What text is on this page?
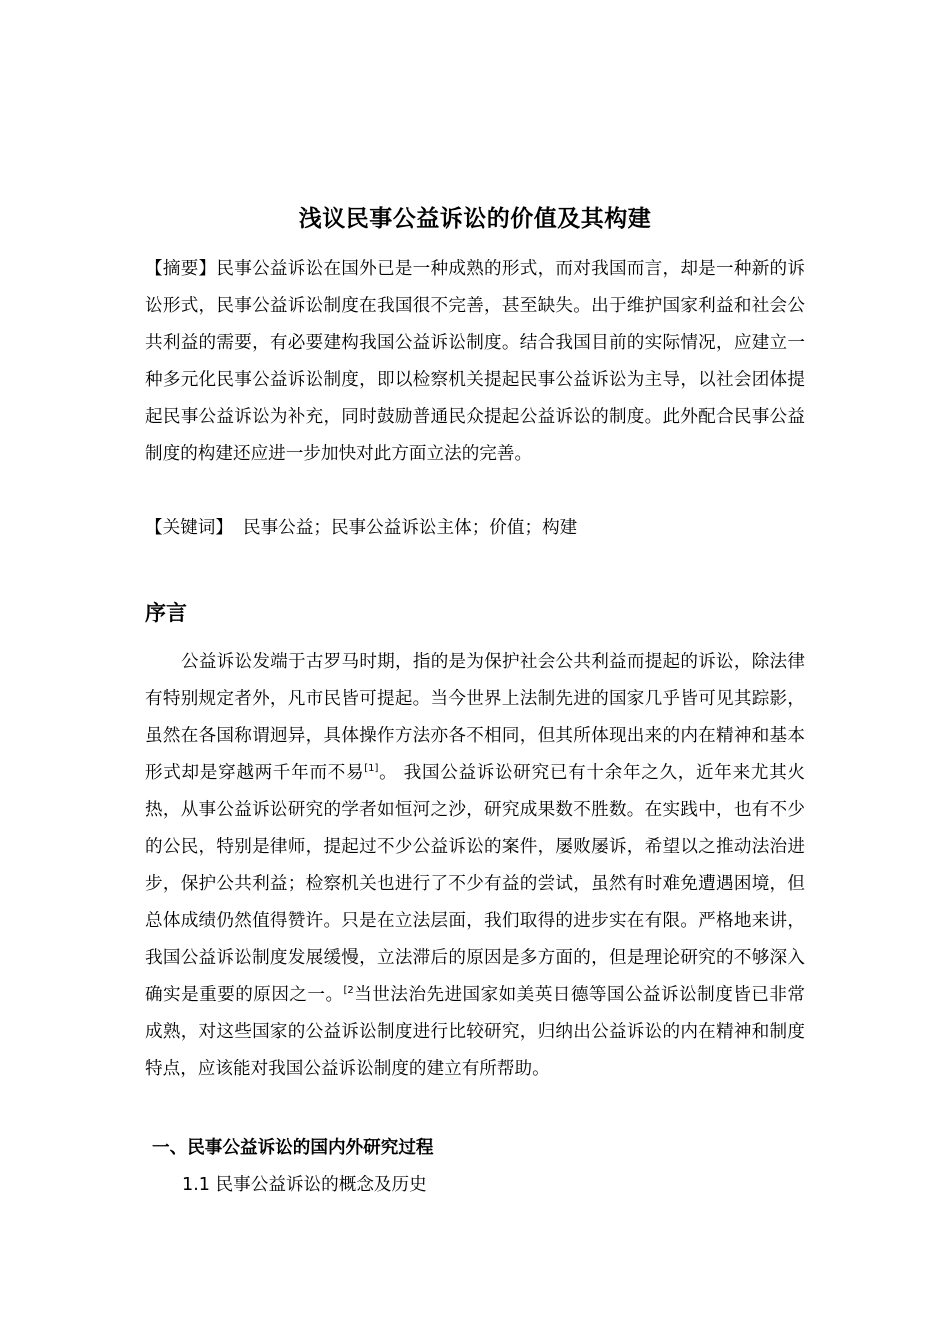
浅议民事公益诉讼的价值及其构建
【摘要】民事公益诉讼在国外已是一种成熟的形式，而对我国而言，却是一种新的诉讼形式，民事公益诉讼制度在我国很不完善，甚至缺失。出于维护国家利益和社会公共利益的需要，有必要建构我国公益诉讼制度。结合我国目前的实际情况，应建立一种多元化民事公益诉讼制度，即以检察机关提起民事公益诉讼为主导，以社会团体提起民事公益诉讼为补充，同时鼓励普通民众提起公益诉讼的制度。此外配合民事公益制度的构建还应进一步加快对此方面立法的完善。
【关键词】 民事公益；民事公益诉讼主体；价值；构建
序言
公益诉讼发端于古罗马时期，指的是为保护社会公共利益而提起的诉讼，除法律有特别规定者外，凡市民皆可提起。当今世界上法制先进的国家几乎皆可见其踪影，虽然在各国称谓迥异，具体操作方法亦各不相同，但其所体现出来的内在精神和基本形式却是穿越两千年而不易[1]。 我国公益诉讼研究已有十余年之久，近年来尤其火热，从事公益诉讼研究的学者如恒河之沙，研究成果数不胜数。在实践中，也有不少的公民，特别是律师，提起过不少公益诉讼的案件，屡败屡诉，希望以之推动法治进步，保护公共利益；检察机关也进行了不少有益的尝试，虽然有时难免遭遇困境，但总体成绩仍然值得赞许。只是在立法层面，我们取得的进步实在有限。严格地来讲，我国公益诉讼制度发展缓慢，立法滞后的原因是多方面的，但是理论研究的不够深入确实是重要的原因之一。$^{[2}$当世法治先进国家如美英日德等国公益诉讼制度皆已非常成熟，对这些国家的公益诉讼制度进行比较研究，归纳出公益诉讼的内在精神和制度特点，应该能对我国公益诉讼制度的建立有所帮助。
一、民事公益诉讼的国内外研究过程
1.1 民事公益诉讼的概念及历史
